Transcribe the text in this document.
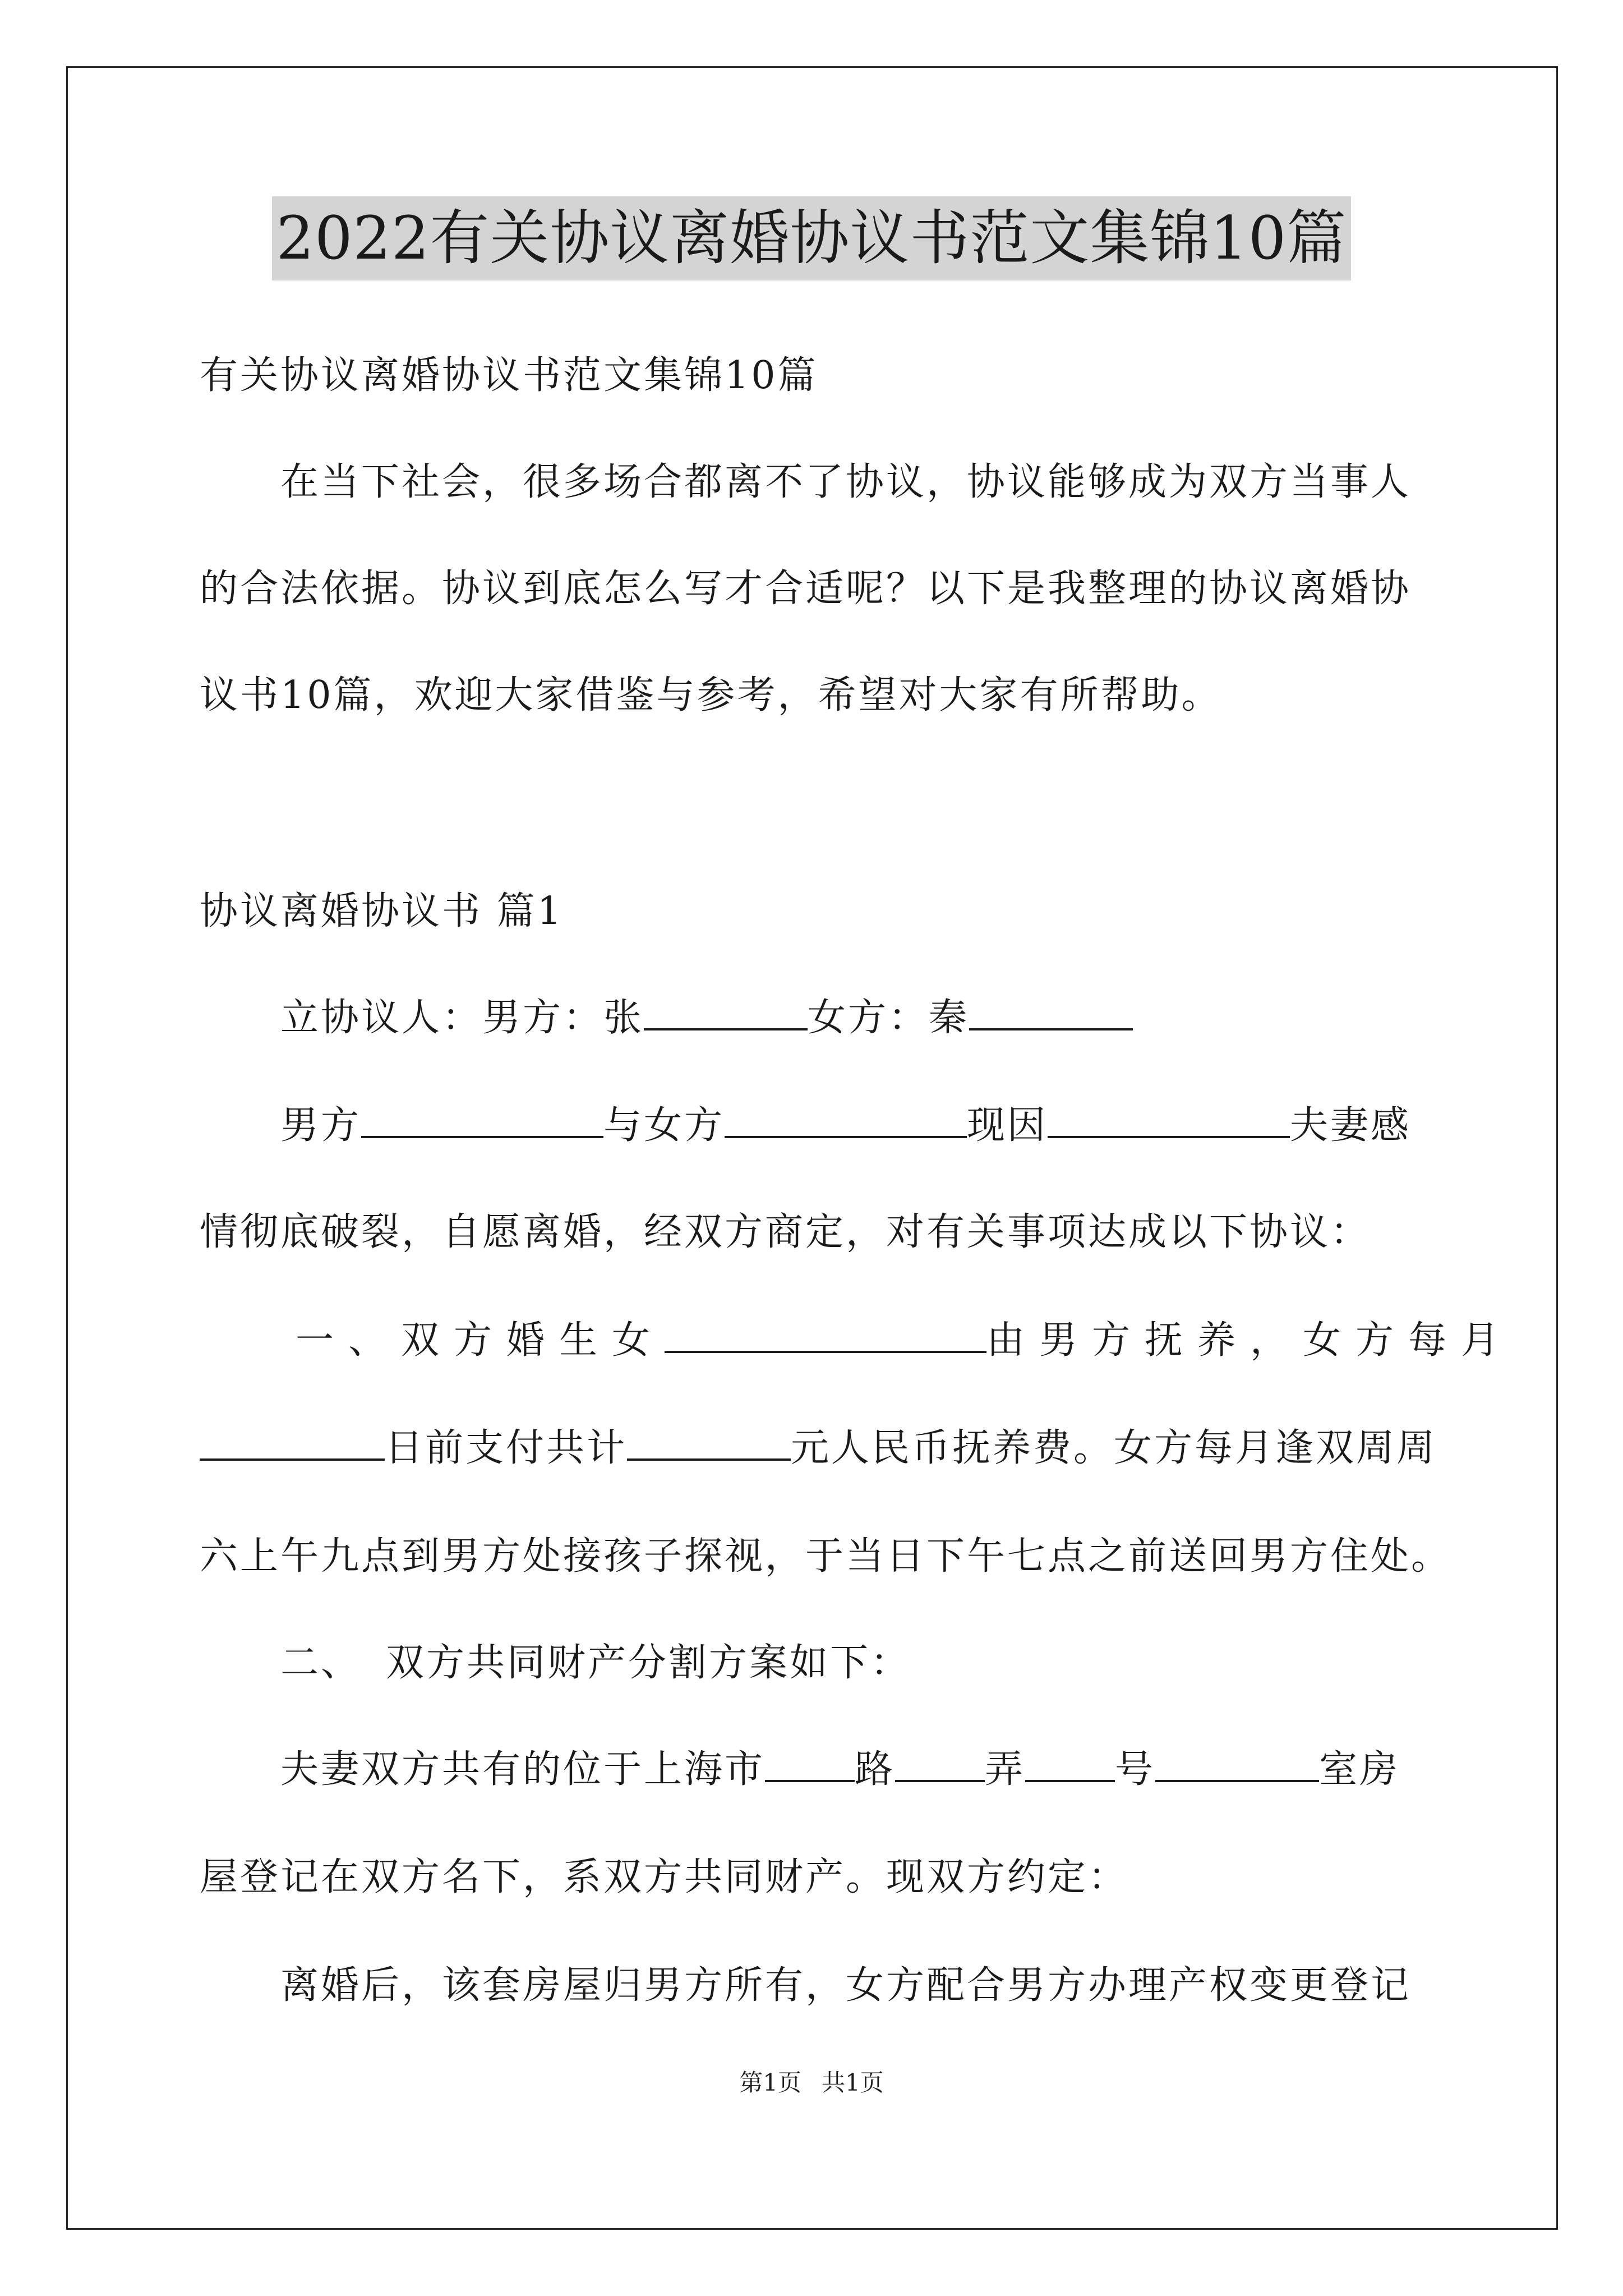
2022有关协议离婚协议书范文集锦10篇
有关协议离婚协议书范文集锦10篇
在当下社会，很多场合都离不了协议，协议能够成为双方当事人
的合法依据。协议到底怎么写才合适呢？以下是我整理的协议离婚协
议书10篇，欢迎大家借鉴与参考，希望对大家有所帮助。
协议离婚协议书 篇1
立协议人：男方：张	女方：秦
男方	与女方	现因	夫妻感
情彻底破裂，自愿离婚，经双方商定，对有关事项达成以下协议：
一、双方婚生女	由男方抚养，女方每月
日前支付共计	元人民币抚养费。女方每月逢双周周
六上午九点到男方处接孩子探视，于当日下午七点之前送回男方住处。
二、 双方共同财产分割方案如下：
夫妻双方共有的位于上海市 路 弄 号	室房
屋登记在双方名下，系双方共同财产。现双方约定：
离婚后，该套房屋归男方所有，女方配合男方办理产权变更登记
第1页 共1页
